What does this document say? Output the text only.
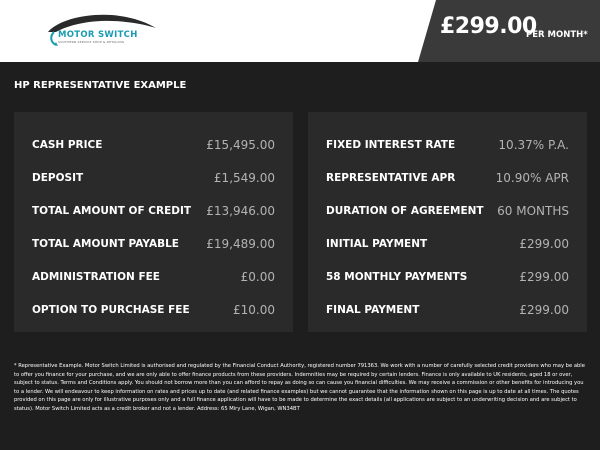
MOTOR SWITCH
SOUTHERN SERVICE SHOP & DETAILING
£299.00
PER MONTH*
HP REPRESENTATIVE EXAMPLE
CASH PRICE	£15,495.00
DEPOSIT	£1,549.00
TOTAL AMOUNT OF CREDIT £13,946.00
TOTAL AMOUNT PAYABLE £19,489.00
ADMINISTRATION FEE	£0.00
OPTION TO PURCHASE FEE	£10.00
FIXED INTEREST RATE	10.37% P.A.
REPRESENTATIVE APR	10.90% APR
DURATION OF AGREEMENT 60 MONTHS
INITIAL PAYMENT	£299.00
58 MONTHLY PAYMENTS	£299.00
FINAL PAYMENT	£299.00
* Representative Example. Motor Switch Limited is authorised and regulated by the Financial Conduct Authority, registered number 791363. We work with a number of carefully selected credit providers who may be able to offer you finance for your purchase, and we are only able to offer finance products from these providers. Indemnities may be required by certain lenders. Finance is only available to UK residents, aged 18 or over, subject to status. Terms and Conditions apply. You should not borrow more than you can afford to repay as doing so can cause you financial difficulties. We may receive a commission or other benefits for introducing you to a lender. We will endeavour to keep information on rates and prices up to date (and related finance examples) but we cannot guarantee that the information shown on this page is up to date at all times. The quotes provided on this page are only for illustrative purposes only and a full finance application will have to be made to determine the exact details (all applications are subject to an underwriting decision and are subject to status). Motor Switch Limited acts as a credit broker and not a lender. Address: 65 Miry Lane, Wigan, WN34BT
